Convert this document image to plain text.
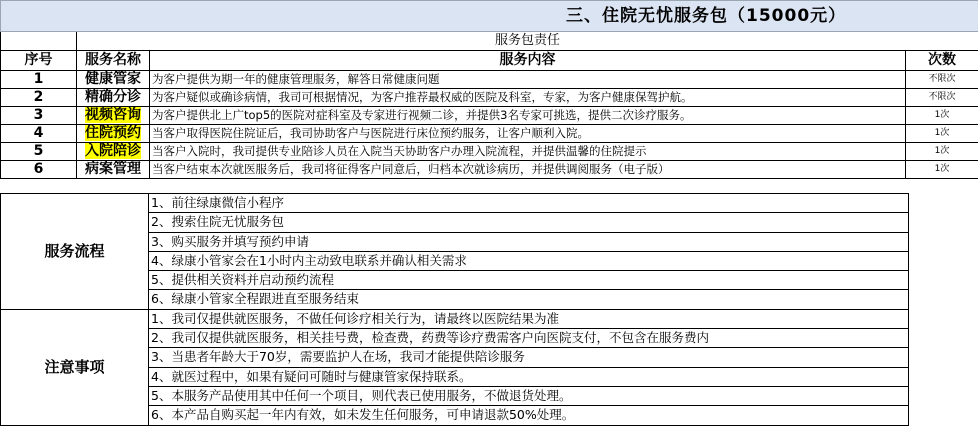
三、住院无忧服务包（15000元）			

	服务包责任		
序号	服务名称	服务内容	次数
1	健康管家	为客户提供为期一年的健康管理服务，解答日常健康问题	不限次
2	精确分诊	为客户疑似或确诊病情，我司可根据情况，为客户推荐最权威的医院及科室，专家，为客户健康保驾护航。	不限次
3	视频咨询	为客户提供北上广top5的医院对症科室及专家进行视频二诊，并提供3名专家可挑选，提供二次诊疗服务。	1次
4	住院预约	当客户取得医院住院证后，我司协助客户与医院进行床位预约服务，让客户顺利入院。	1次
5	入院陪诊	当客户入院时，我司提供专业陪诊人员在入院当天协助客户办理入院流程，并提供温馨的住院提示	1次
6	病案管理	当客户结束本次就医服务后，我司将征得客户同意后，归档本次就诊病历，并提供调阅服务（电子版）	1次
服务流程	1、前往绿康微信小程序
	2、搜索住院无忧服务包
	3、购买服务并填写预约申请
	4、绿康小管家会在1小时内主动致电联系并确认相关需求
	5、提供相关资料并启动预约流程
	6、绿康小管家全程跟进直至服务结束
注意事项	1、我司仅提供就医服务，不做任何诊疗相关行为，请最终以医院结果为准
	2、我司仅提供就医服务，相关挂号费，检查费，药费等诊疗费需客户向医院支付，不包含在服务费内
	3、当患者年龄大于70岁，需要监护人在场，我司才能提供陪诊服务
	4、就医过程中，如果有疑问可随时与健康管家保持联系。
	5、本服务产品使用其中任何一个项目，则代表已使用服务，不做退货处理。
	6、本产品自购买起一年内有效，如未发生任何服务，可申请退款50%处理。
